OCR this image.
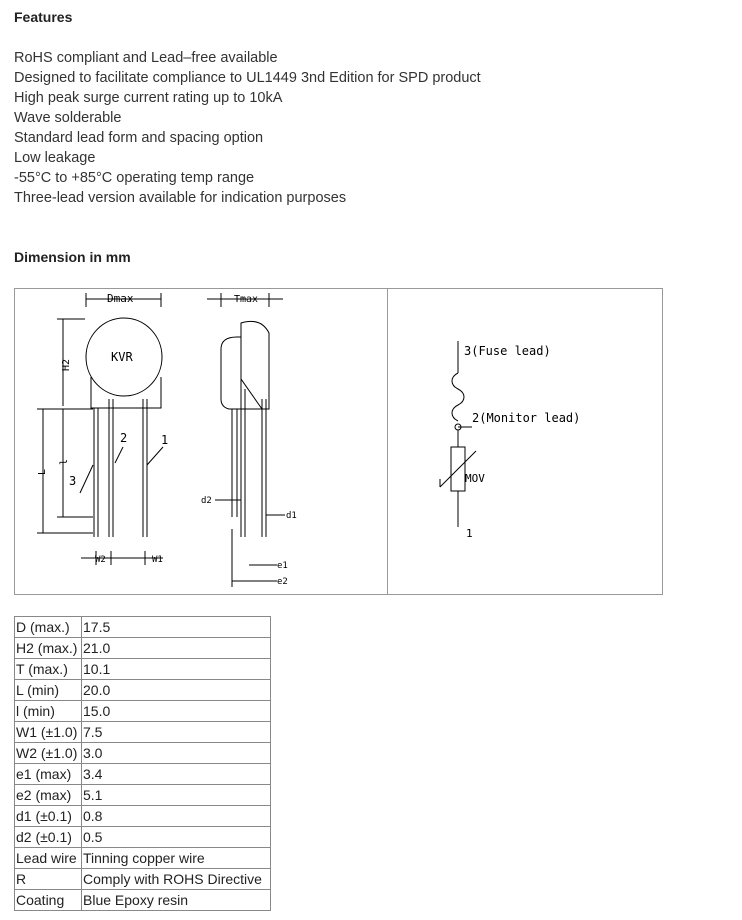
Features
RoHS compliant and Lead–free available
Designed to facilitate compliance to UL1449 3nd Edition for SPD product
High peak surge current rating up to 10kA
Wave solderable
Standard lead form and spacing option
Low leakage
-55°C to +85°C operating temp range
Three-lead version available for indication purposes
Dimension in mm
Dmax	Tmax
KVR
H2
L
l
3
2	1
W2	W1
d2
d1
e1
e2
3(Fuse lead)
2(Monitor lead)
MOV
1
D (max.)	17.5
H2 (max.)	21.0
T (max.)	10.1
L (min)	20.0
l (min)	15.0
W1 (±1.0)	7.5
W2 (±1.0)	3.0
e1 (max)	3.4
e2 (max)	5.1
d1 (±0.1)	0.8
d2 (±0.1)	0.5
Lead wire	Tinning copper wire
R	Comply with ROHS Directive
Coating	Blue Epoxy resin
